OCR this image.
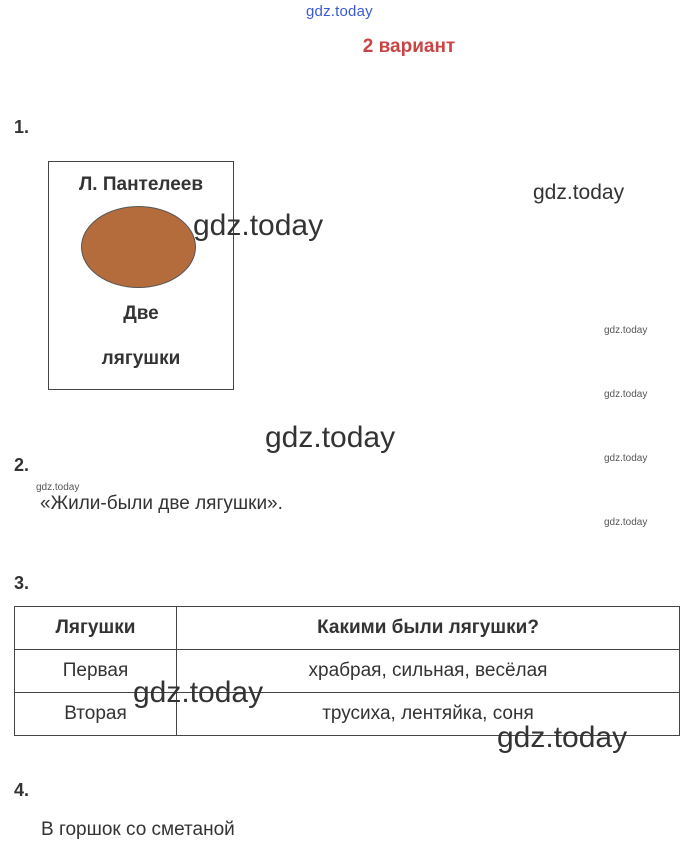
gdz.today
2 вариант
1.
Л. Пантелеев
Две
лягушки
gdz.today
gdz.today
gdz.today
gdz.today
gdz.today
gdz.today
gdz.today
gdz.today
2.
«Жили-были две лягушки».
3.
Лягушки	Какими были лягушки?
Первая	храбрая, сильная, весёлая
Вторая	трусиха, лентяйка, соня
gdz.today
gdz.today
4.
В горшок со сметаной
